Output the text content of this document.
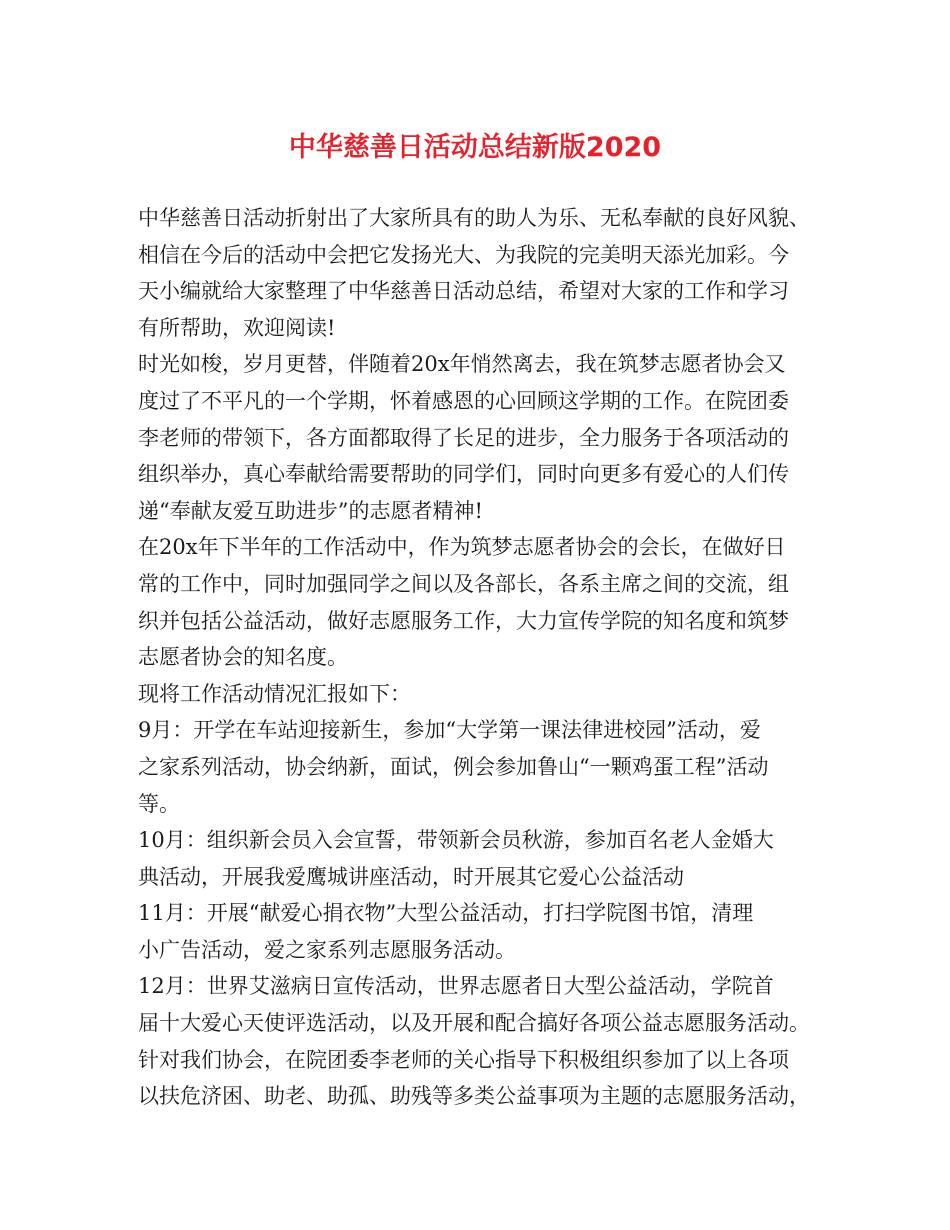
中华慈善日活动总结新版2020
中华慈善日活动折射出了大家所具有的助人为乐、无私奉献的良好风貌、
相信在今后的活动中会把它发扬光大、为我院的完美明天添光加彩。今
天小编就给大家整理了中华慈善日活动总结，希望对大家的工作和学习
有所帮助，欢迎阅读!
时光如梭，岁月更替，伴随着20x年悄然离去，我在筑梦志愿者协会又
度过了不平凡的一个学期，怀着感恩的心回顾这学期的工作。在院团委
李老师的带领下，各方面都取得了长足的进步，全力服务于各项活动的
组织举办，真心奉献给需要帮助的同学们，同时向更多有爱心的人们传
递“奉献友爱互助进步”的志愿者精神!
在20x年下半年的工作活动中，作为筑梦志愿者协会的会长，在做好日
常的工作中，同时加强同学之间以及各部长，各系主席之间的交流，组
织并包括公益活动，做好志愿服务工作，大力宣传学院的知名度和筑梦
志愿者协会的知名度。
现将工作活动情况汇报如下：
9月：开学在车站迎接新生，参加“大学第一课法律进校园”活动，爱
之家系列活动，协会纳新，面试，例会参加鲁山“一颗鸡蛋工程”活动
等。
10月：组织新会员入会宣誓，带领新会员秋游，参加百名老人金婚大
典活动，开展我爱鹰城讲座活动，时开展其它爱心公益活动
11月：开展“献爱心捐衣物”大型公益活动，打扫学院图书馆，清理
小广告活动，爱之家系列志愿服务活动。
12月：世界艾滋病日宣传活动，世界志愿者日大型公益活动，学院首
届十大爱心天使评选活动，以及开展和配合搞好各项公益志愿服务活动。
针对我们协会，在院团委李老师的关心指导下积极组织参加了以上各项
以扶危济困、助老、助孤、助残等多类公益事项为主题的志愿服务活动，
